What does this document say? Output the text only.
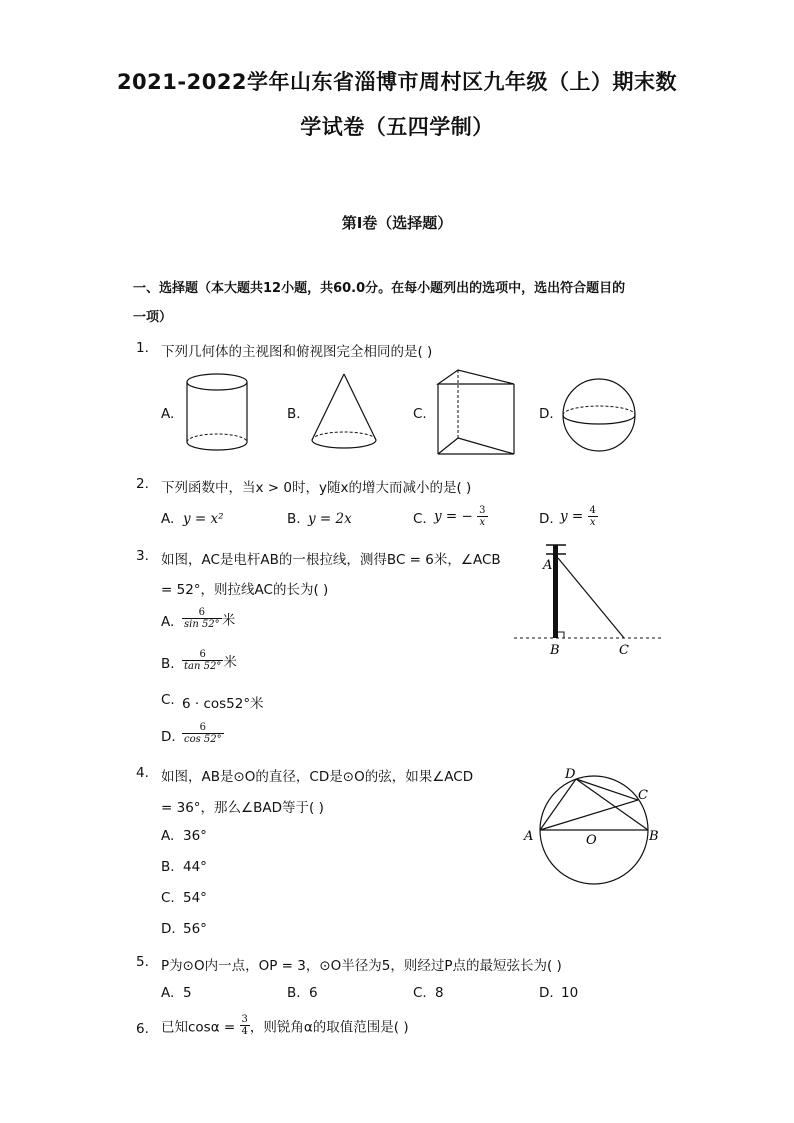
2021-2022学年山东省淄博市周村区九年级（上）期末数
学试卷（五四学制）
第Ⅰ卷（选择题）
一、选择题（本大题共12小题，共60.0分。在每小题列出的选项中，选出符合题目的
一项）
1. 下列几何体的主视图和俯视图完全相同的是( )
A.	B.	C.	D.
2. 下列函数中，当x > 0时，y随x的增大而减小的是( )
A. y = x²	B. y = 2x	C. y = − $\frac{3}{x}$	D. $y = \frac{4}{x}$
3. 如图，AC是电杆AB的一根拉线，测得BC = 6米，∠ACB
= 52°，则拉线AC的长为( )
A. $\frac{6}{\sin 52^\circ}$ 米
B. $\frac{6}{\tan 52^\circ}$ 米
C. 6 · cos52°米
D. $\frac{6}{\cos 52^\circ}$
A
B	C
4. 如图，AB是⊙O的直径，CD是⊙O的弦，如果∠ACD
= 36°，那么∠BAD等于( )
A. 36°
B. 44°
C. 54°
D. 56°
D
C
A	O	B
5. P为⊙O内一点，OP = 3，⊙O半径为5，则经过P点的最短弦长为( )
A. 5	B. 6	C. 8	D. 10
6. 已知$\cos\alpha = \frac{3}{4}$ ，则锐角α的取值范围是( )
